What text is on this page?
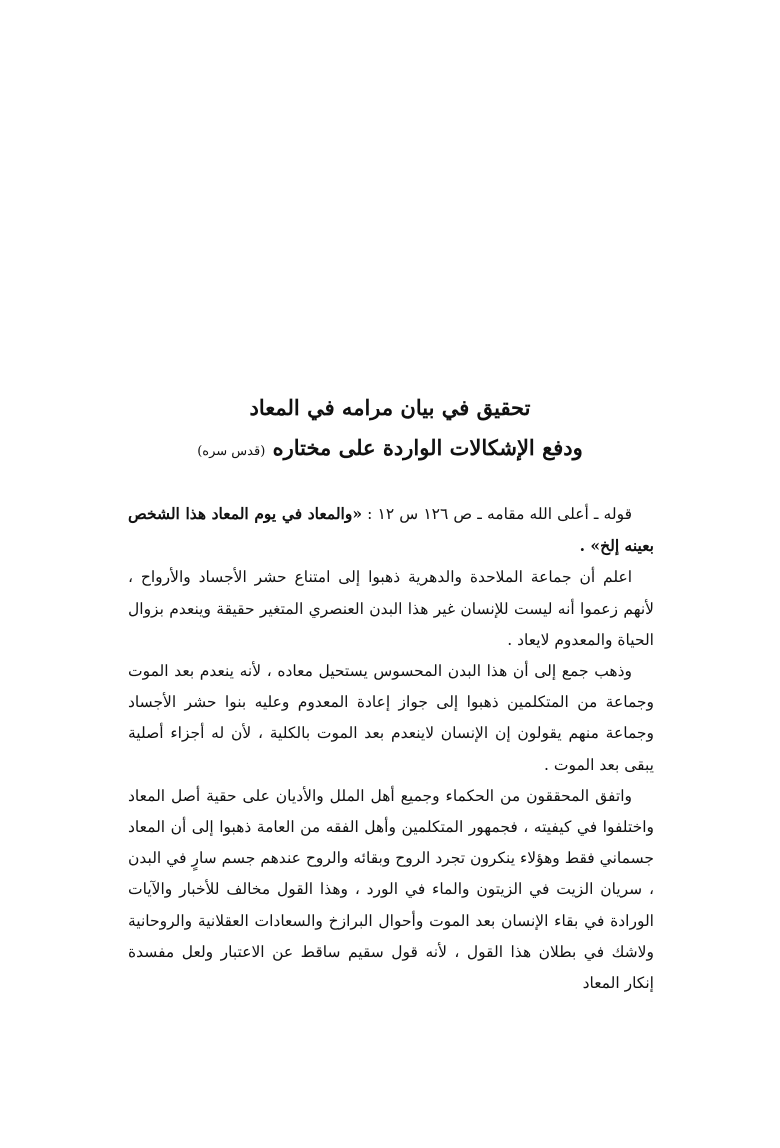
تحقيق في بيان مرامه في المعاد

ودفع الإشكالات الواردة على مختاره (قدس سره)

قوله ـ أعلى الله مقامه ـ ص ١٢٦ س ١٢ : «والمعاد في يوم المعاد هذا الشخص بعينه إلخ» .

اعلم أن جماعة الملاحدة والدهرية ذهبوا إلى امتناع حشر الأجساد والأرواح ، لأنهم زعموا أنه ليست للإنسان غير هذا البدن العنصري المتغير حقيقة وينعدم بزوال الحياة والمعدوم لايعاد .

وذهب جمع إلى أن هذا البدن المحسوس يستحيل معاده ، لأنه ينعدم بعد الموت وجماعة من المتكلمين ذهبوا إلى جواز إعادة المعدوم وعليه بنوا حشر الأجساد وجماعة منهم يقولون إن الإنسان لاينعدم بعد الموت بالكلية ، لأن له أجزاء أصلية يبقى بعد الموت .

واتفق المحققون من الحكماء وجميع أهل الملل والأديان على حقية أصل المعاد واختلفوا في كيفيته ، فجمهور المتكلمين وأهل الفقه من العامة ذهبوا إلى أن المعاد جسماني فقط وهؤلاء ينكرون تجرد الروح وبقائه والروح عندهم جسم سارٍ في البدن ، سريان الزيت في الزيتون والماء في الورد ، وهذا القول مخالف للأخبار والآيات الورادة في بقاء الإنسان بعد الموت وأحوال البرازخ والسعادات العقلانية والروحانية ولاشك في بطلان هذا القول ، لأنه قول سقيم ساقط عن الاعتبار ولعل مفسدة إنكار المعاد
